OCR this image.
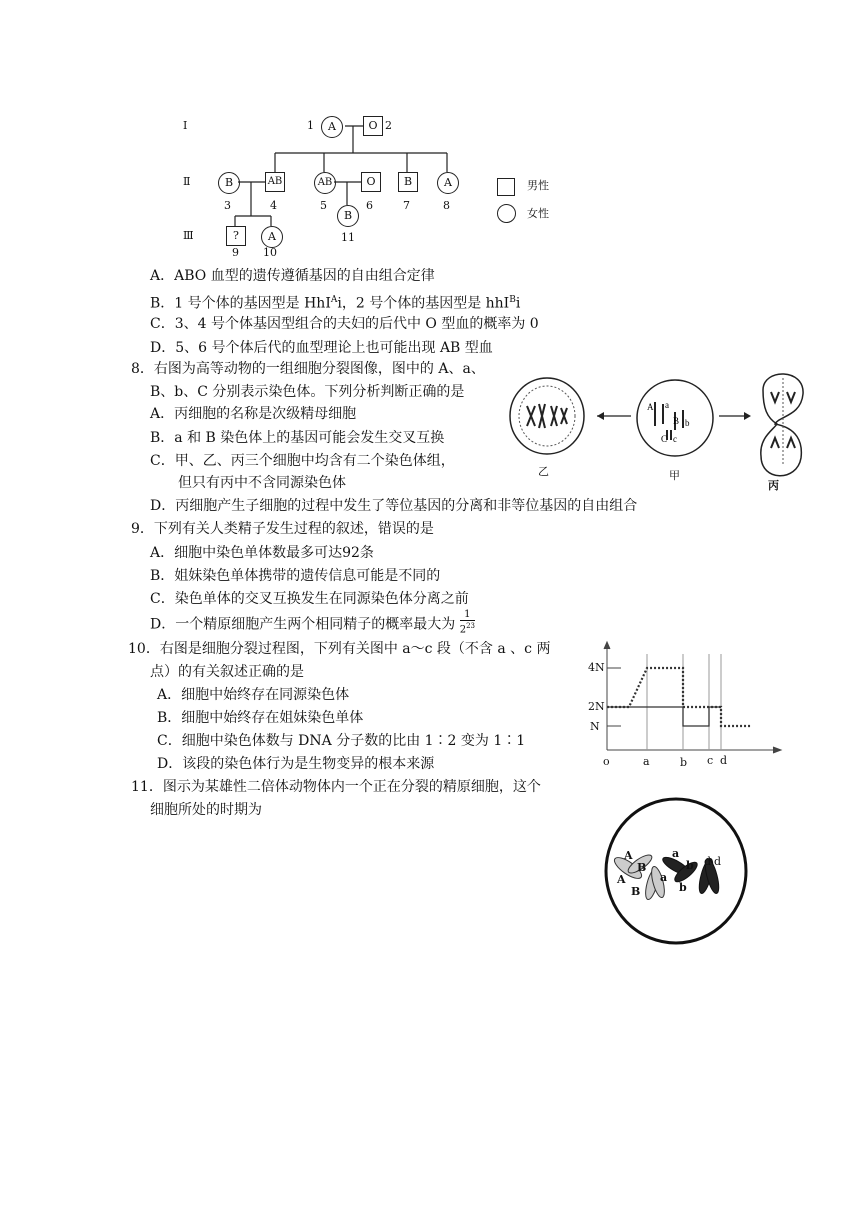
Ⅰ
Ⅱ
Ⅲ
1	A	O 2
B
3
AB
4
AB
5
O
6
B
7
A
8
?
9
A
10
B
11
男性
女性
A．ABO 血型的遗传遵循基因的自由组合定律
B．1 号个体的基因型是 HhI$^A$i，2 号个体的基因型是 hhI$^B$i
C．3、4 号个体基因型组合的夫妇的后代中 O 型血的概率为 0
D．5、6 号个体后代的血型理论上也可能出现 AB 型血
8．右图为高等动物的一组细胞分裂图像，图中的 A、a、
B、b、C 分别表示染色体。下列分析判断正确的是
A．丙细胞的名称是次级精母细胞
B．a 和 B 染色体上的基因可能会发生交叉互换
C．甲、乙、丙三个细胞中均含有二个染色体组，
但只有丙中不含同源染色体
D．丙细胞产生子细胞的过程中发生了等位基因的分离和非等位基因的自由组合
A a
b
B
C c
乙	甲
丙
9．下列有关人类精子发生过程的叙述，错误的是
A．细胞中染色单体数最多可达92条
B．姐妹染色单体携带的遗传信息可能是不同的
C．染色单体的交叉互换发生在同源染色体分离之前
D．一个精原细胞产生两个相同精子的概率最大为 $\frac{1}{2^{23}}$
10．右图是细胞分裂过程图，下列有关图中 a～c 段（不含 a 、c 两
点）的有关叙述正确的是
A．细胞中始终存在同源染色体
B．细胞中始终存在姐妹染色单体
C．细胞中染色体数与 DNA 分子数的比由 1∶2 变为 1∶1
D．该段的染色体行为是生物变异的根本来源
4N
2N
N
o	a	b c d
11．图示为某雄性二倍体动物体内一个正在分裂的精原细胞，这个
细胞所处的时期为
A
A
B
B
a
a
b
b
d d
